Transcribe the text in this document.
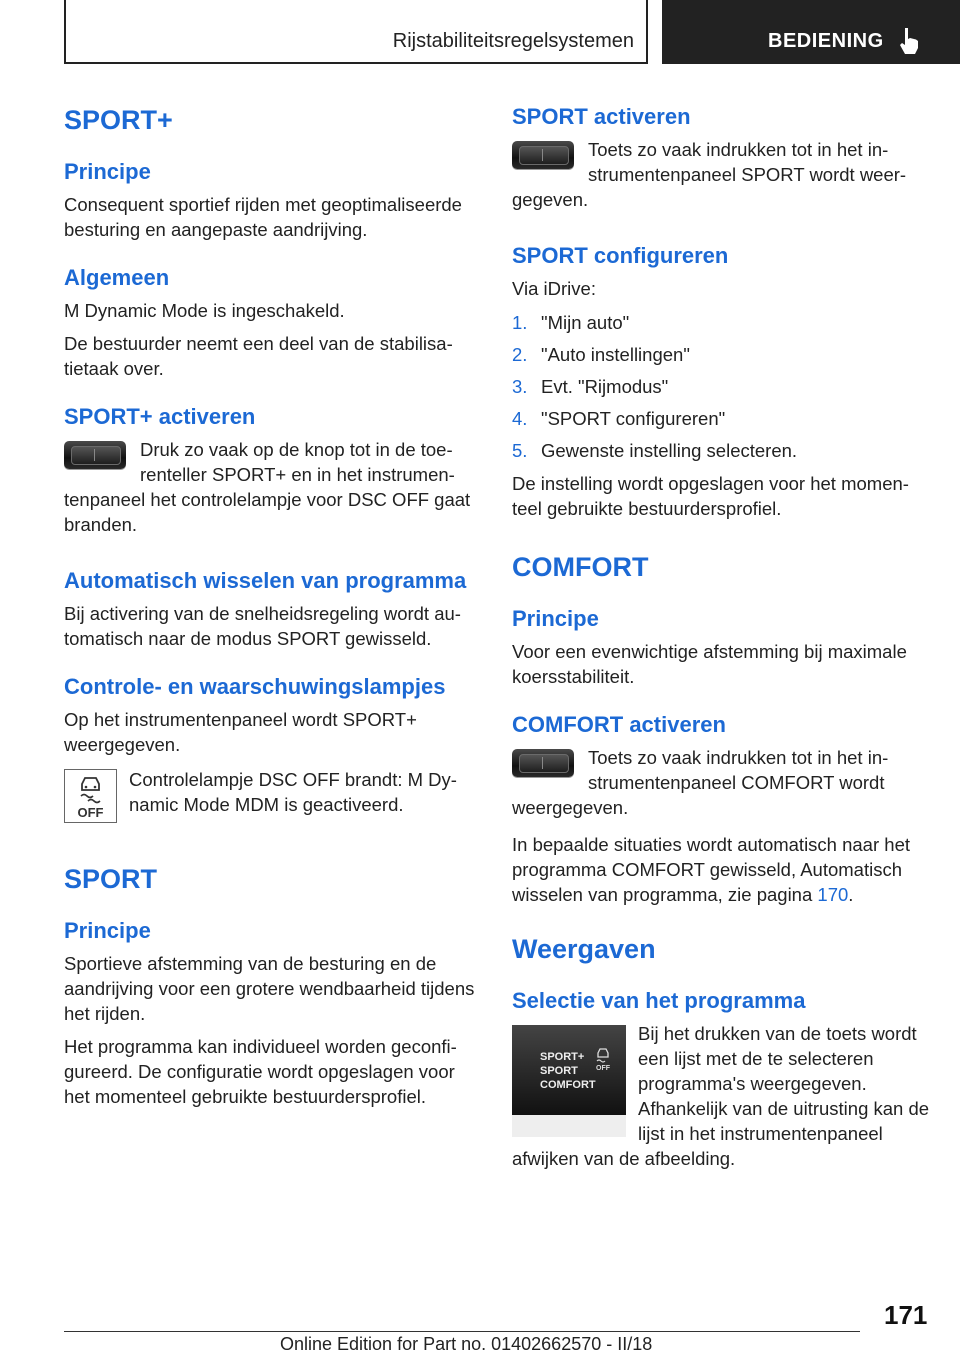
Rijstabiliteitsregelsystemen	BEDIENING
SPORT+
Principe

Consequent sportief rijden met geoptimaliseerde besturing en aangepaste aandrijving.

Algemeen

M Dynamic Mode is ingeschakeld.

De bestuurder neemt een deel van de stabilisatietaak over.

SPORT+ activeren

Druk zo vaak op de knop tot in de toerenteller SPORT+ en in het instrumentenpaneel het controlelampje voor DSC OFF gaat branden.

Automatisch wisselen van programma

Bij activering van de snelheidsregeling wordt automatisch naar de modus SPORT gewisseld.

Controle- en waarschuwingslampjes

Op het instrumentenpaneel wordt SPORT+ weergegeven.

OFF

Controlelampje DSC OFF brandt: M Dynamic Mode MDM is geactiveerd.

SPORT
Principe

Sportieve afstemming van de besturing en de aandrijving voor een grotere wendbaarheid tijdens het rijden.

Het programma kan individueel worden geconfigureerd. De configuratie wordt opgeslagen voor het momenteel gebruikte bestuurdersprofiel.

SPORT activeren

Toets zo vaak indrukken tot in het instrumentenpaneel SPORT wordt weergegeven.

SPORT configureren

Via iDrive:

1. "Mijn auto"
2. "Auto instellingen"
3. Evt. "Rijmodus"
4. "SPORT configureren"
5. Gewenste instelling selecteren.

De instelling wordt opgeslagen voor het momenteel gebruikte bestuurdersprofiel.

COMFORT
Principe

Voor een evenwichtige afstemming bij maximale koersstabiliteit.

COMFORT activeren

Toets zo vaak indrukken tot in het instrumentenpaneel COMFORT wordt weergegeven.

In bepaalde situaties wordt automatisch naar het programma COMFORT gewisseld, Automatisch wisselen van programma, zie pagina 170.

Weergaven
Selectie van het programma
SPORT+
SPORT
COMFORT
OFF

Bij het drukken van de toets wordt een lijst met de te selecteren programma's weergegeven. Afhankelijk van de uitrusting kan de lijst in het instrumentenpaneel afwijken van de afbeelding.

171
Online Edition for Part no. 01402662570 - II/18
